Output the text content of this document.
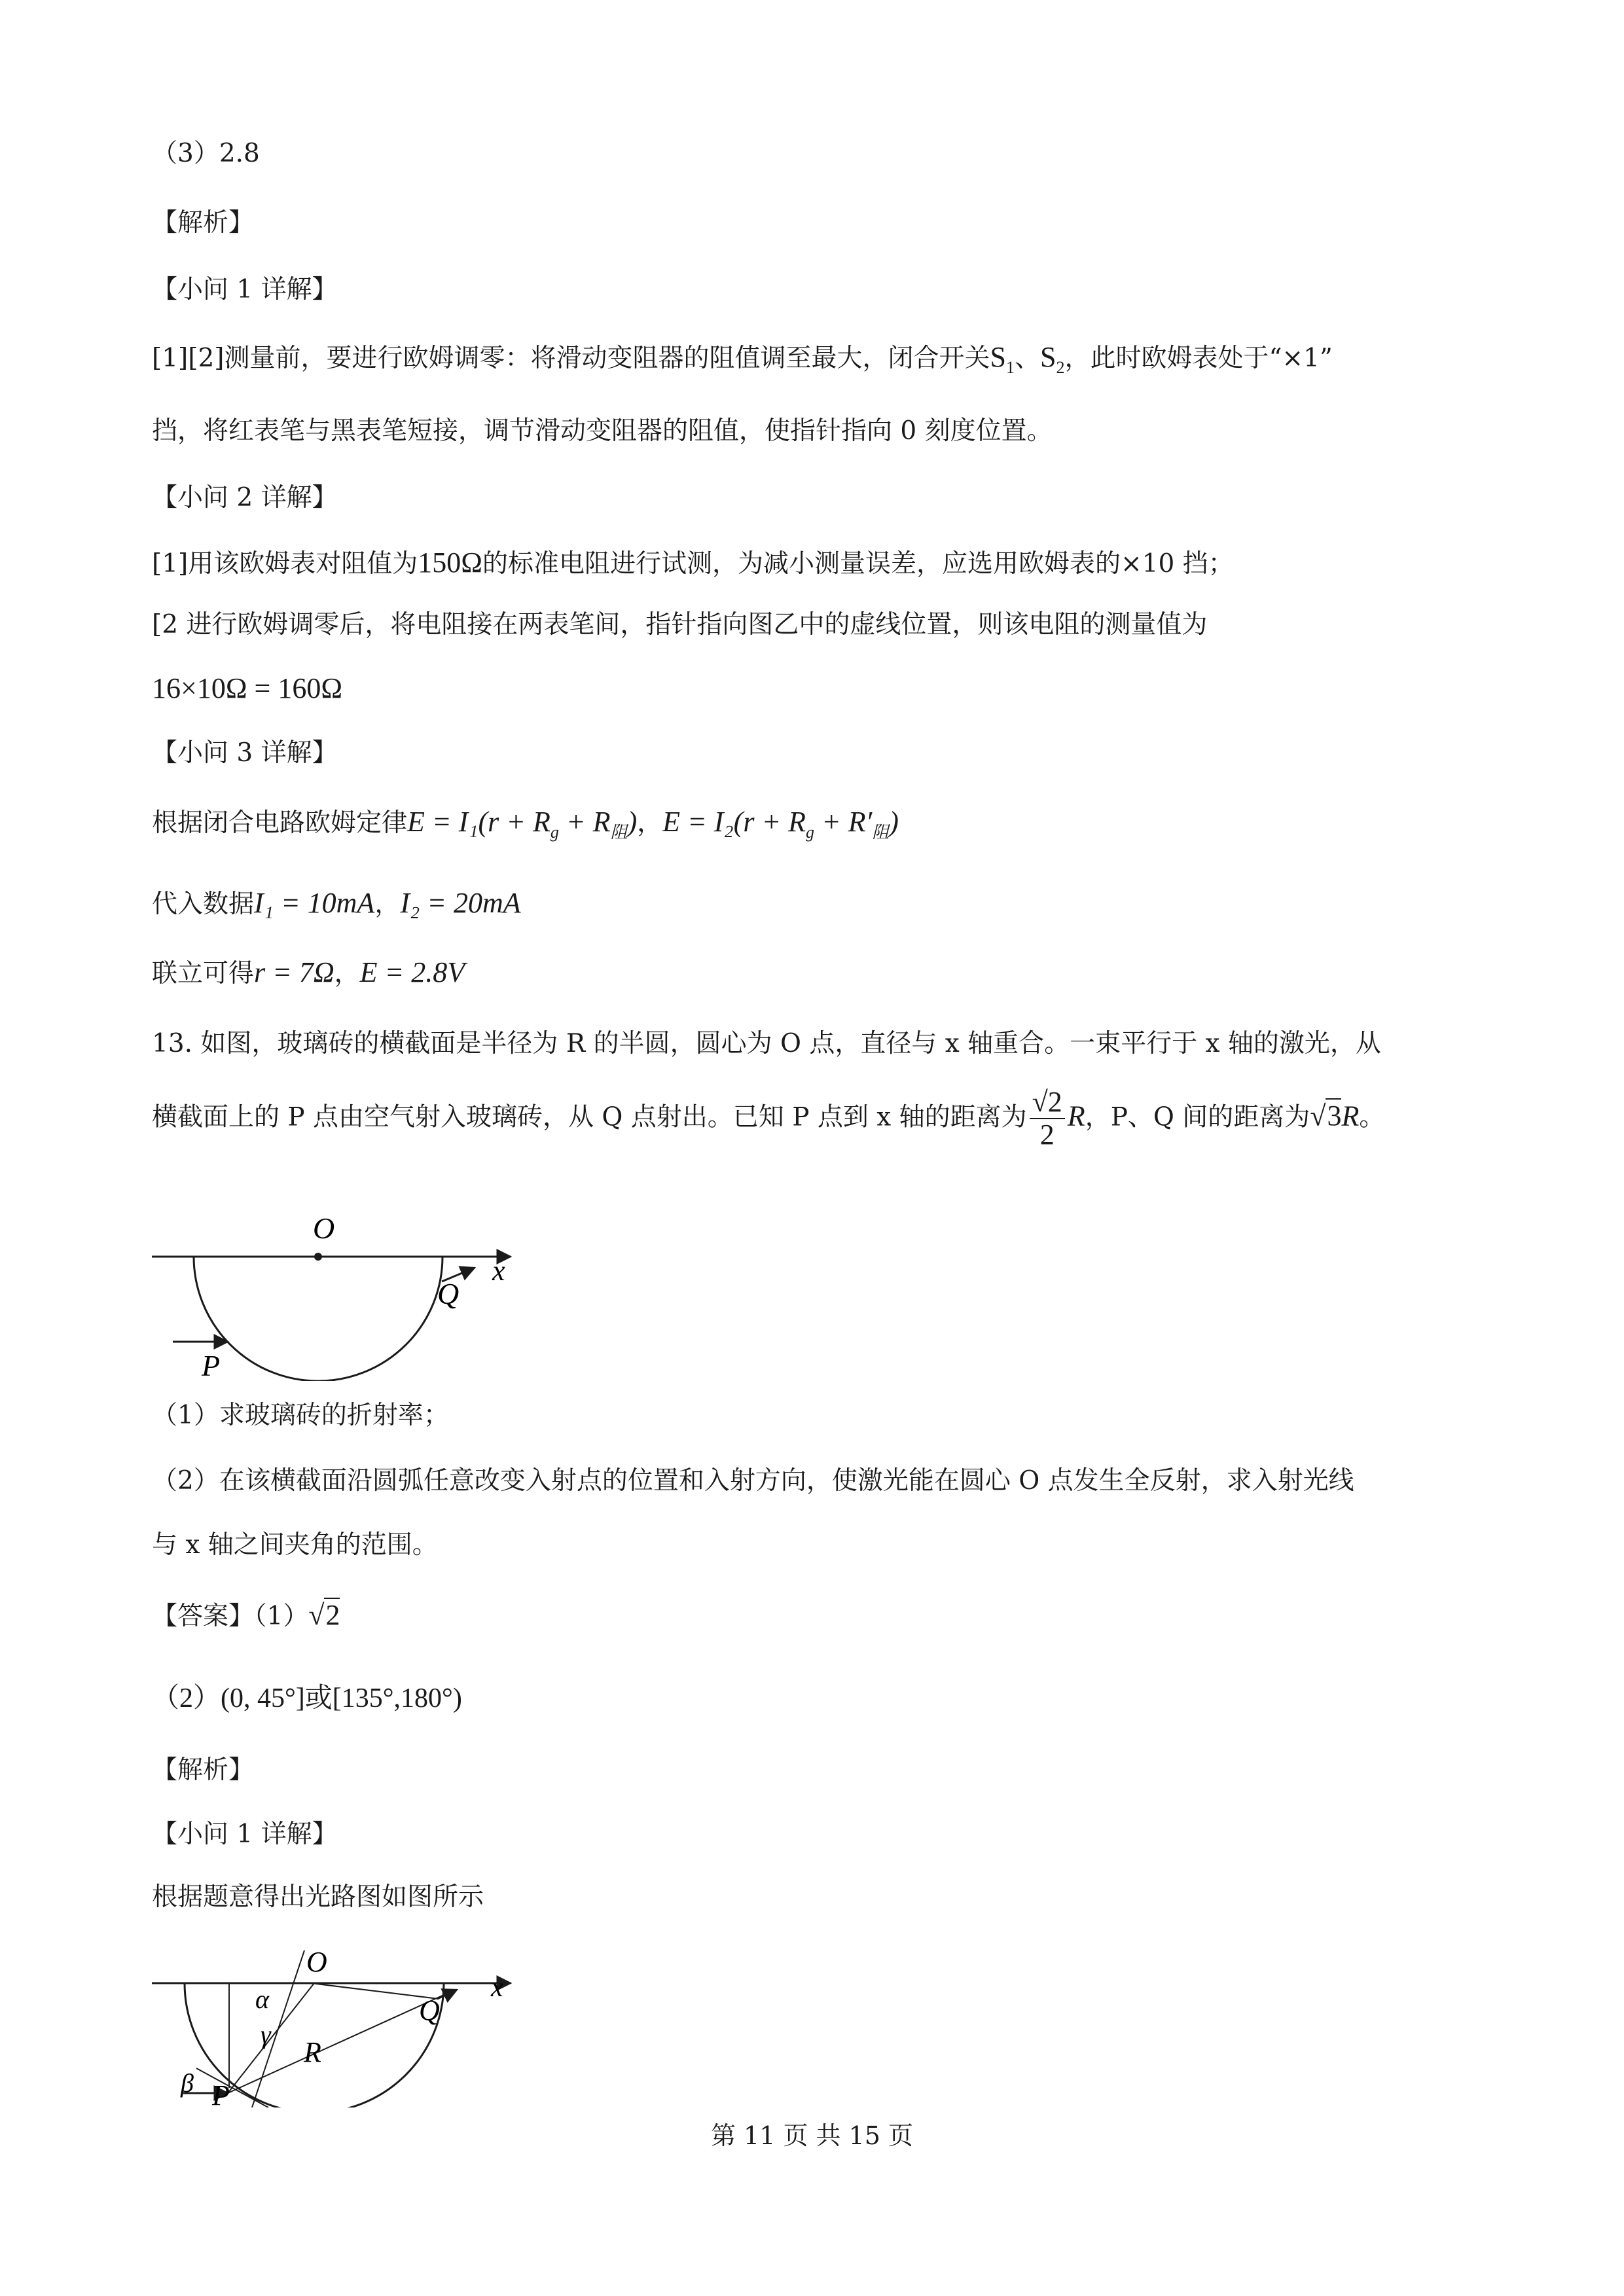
（3）2.8
【解析】
【小问 1 详解】
[1][2]测量前，要进行欧姆调零：将滑动变阻器的阻值调至最大，闭合开关$S_1$、$S_2$，此时欧姆表处于“×1”
挡，将红表笔与黑表笔短接，调节滑动变阻器的阻值，使指针指向 0 刻度位置。
【小问 2 详解】
[1]用该欧姆表对阻值为150Ω的标准电阻进行试测，为减小测量误差，应选用欧姆表的×10 挡；
[2 进行欧姆调零后，将电阻接在两表笔间，指针指向图乙中的虚线位置，则该电阻的测量值为
16×10Ω = 160Ω
【小问 3 详解】
根据闭合电路欧姆定律$E = I_1(r + R_g + R_阻)$，$E = I_2(r + R_g + R'_阻)$
代入数据I₁ = 10mA，I₂ = 20mA
联立可得r = 7Ω，E = 2.8V
13. 如图，玻璃砖的横截面是半径为 R 的半圆，圆心为 O 点，直径与 x 轴重合。一束平行于 x 轴的激光，从
横截面上的 P 点由空气射入玻璃砖，从 Q 点射出。已知 P 点到 x 轴的距离为 $\frac{√2}{2}$ R，P、Q 间的距离为√3R。
O
x
Q
P
（1）求玻璃砖的折射率；
（2）在该横截面沿圆弧任意改变入射点的位置和入射方向，使激光能在圆心 O 点发生全反射，求入射光线
与 x 轴之间夹角的范围。
【答案】（1）√2
（2）(0, 45°]或[135°,180°)
【解析】
【小问 1 详解】
根据题意得出光路图如图所示
O
x
Q
α
γ
R
β P
第 11 页 共 15 页
